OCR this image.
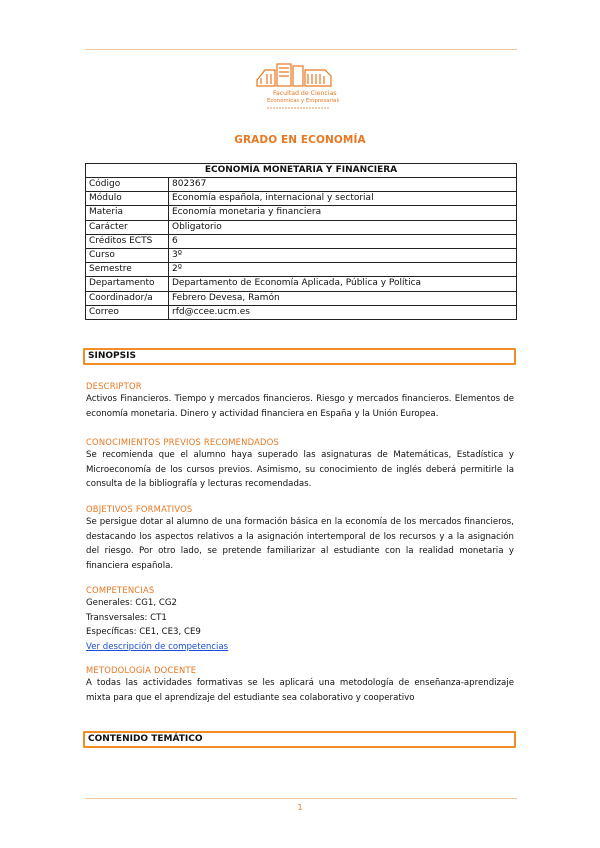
Facultad de Ciencias
Económicas y Empresariales
GRADO EN ECONOMÍA
ECONOMÍA MONETARIA Y FINANCIERA	
Código	802367
Módulo	Economía española, internacional y sectorial
Materia	Economía monetaria y financiera
Carácter	Obligatorio
Créditos ECTS	6
Curso	3º
Semestre	2º
Departamento	Departamento de Economía Aplicada, Pública y Política
Coordinador/a	Febrero Devesa, Ramón
Correo	rfd@ccee.ucm.es
SINOPSIS
DESCRIPTOR
Activos Financieros. Tiempo y mercados financieros. Riesgo y mercados financieros. Elementos de economía monetaria. Dinero y actividad financiera en España y la Unión Europea.
CONOCIMIENTOS PREVIOS RECOMENDADOS
Se recomienda que el alumno haya superado las asignaturas de Matemáticas, Estadística y Microeconomía de los cursos previos. Asimismo, su conocimiento de inglés deberá permitirle la consulta de la bibliografía y lecturas recomendadas.
OBJETIVOS FORMATIVOS
Se persigue dotar al alumno de una formación básica en la economía de los mercados financieros, destacando los aspectos relativos a la asignación intertemporal de los recursos y a la asignación del riesgo. Por otro lado, se pretende familiarizar al estudiante con la realidad monetaria y financiera española.
COMPETENCIAS
Generales: CG1, CG2
Transversales: CT1
Específicas: CE1, CE3, CE9
Ver descripción de competencias
METODOLOGÍA DOCENTE
A todas las actividades formativas se les aplicará una metodología de enseñanza-aprendizaje mixta para que el aprendizaje del estudiante sea colaborativo y cooperativo
CONTENIDO TEMÁTICO
1
